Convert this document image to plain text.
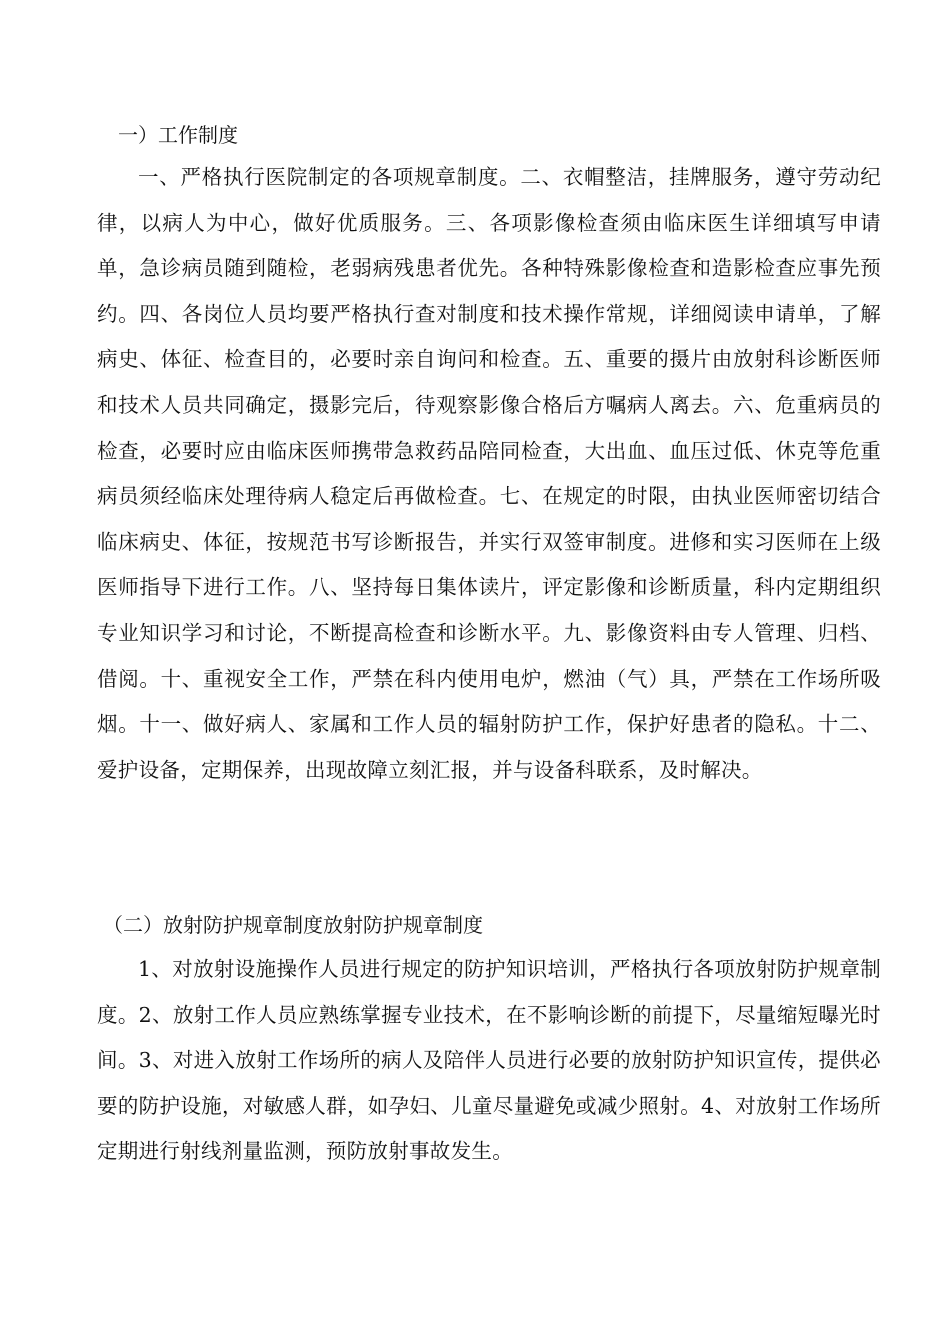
一）工作制度
一、严格执行医院制定的各项规章制度。二、衣帽整洁，挂牌服务，遵守劳动纪律，以病人为中心，做好优质服务。三、各项影像检查须由临床医生详细填写申请单，急诊病员随到随检，老弱病残患者优先。各种特殊影像检查和造影检查应事先预约。四、各岗位人员均要严格执行查对制度和技术操作常规，详细阅读申请单，了解病史、体征、检查目的，必要时亲自询问和检查。五、重要的摄片由放射科诊断医师和技术人员共同确定，摄影完后，待观察影像合格后方嘱病人离去。六、危重病员的检查，必要时应由临床医师携带急救药品陪同检查，大出血、血压过低、休克等危重病员须经临床处理待病人稳定后再做检查。七、在规定的时限，由执业医师密切结合临床病史、体征，按规范书写诊断报告，并实行双签审制度。进修和实习医师在上级医师指导下进行工作。八、坚持每日集体读片，评定影像和诊断质量，科内定期组织专业知识学习和讨论，不断提高检查和诊断水平。九、影像资料由专人管理、归档、借阅。十、重视安全工作，严禁在科内使用电炉，燃油（气）具，严禁在工作场所吸烟。十一、做好病人、家属和工作人员的辐射防护工作，保护好患者的隐私。十二、爱护设备，定期保养，出现故障立刻汇报，并与设备科联系，及时解决。
（二）放射防护规章制度放射防护规章制度
1、对放射设施操作人员进行规定的防护知识培训，严格执行各项放射防护规章制度。2、放射工作人员应熟练掌握专业技术，在不影响诊断的前提下，尽量缩短曝光时间。3、对进入放射工作场所的病人及陪伴人员进行必要的放射防护知识宣传，提供必要的防护设施，对敏感人群，如孕妇、儿童尽量避免或减少照射。4、对放射工作场所定期进行射线剂量监测，预防放射事故发生。
